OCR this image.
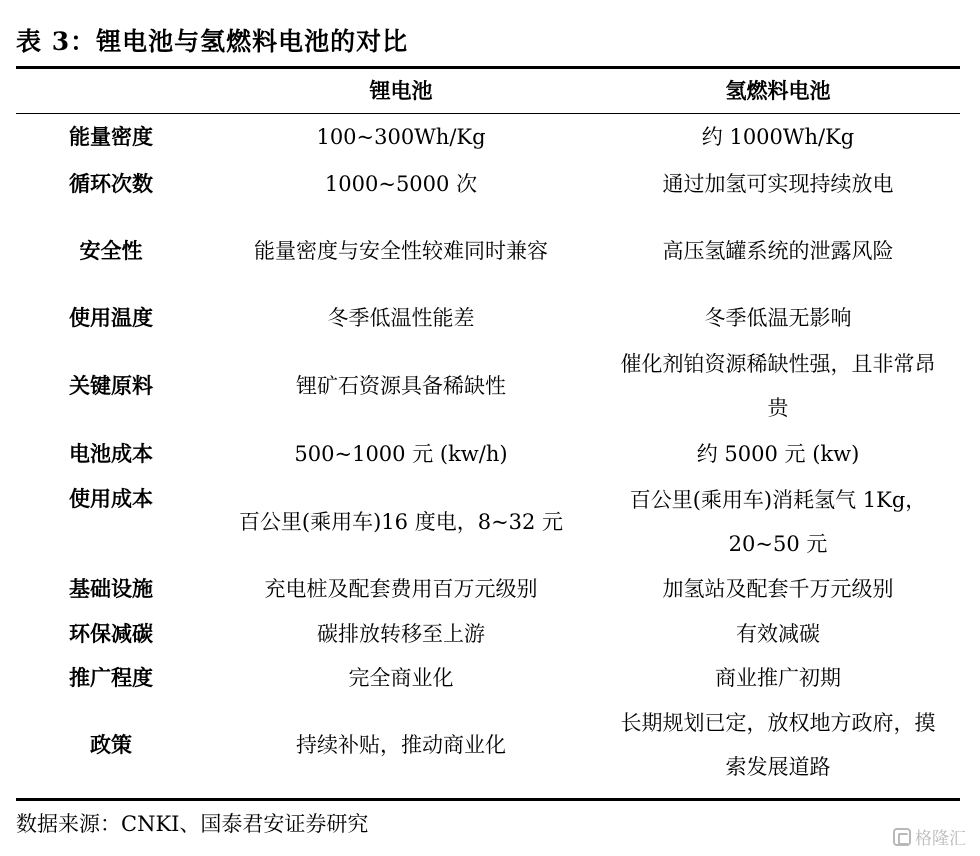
表 3：锂电池与氢燃料电池的对比
	锂电池	氢燃料电池
能量密度	100~300Wh/Kg	约 1000Wh/Kg
循环次数	1000~5000 次	通过加氢可实现持续放电
安全性	能量密度与安全性较难同时兼容	高压氢罐系统的泄露风险
使用温度	冬季低温性能差	冬季低温无影响
关键原料	锂矿石资源具备稀缺性	催化剂铂资源稀缺性强，且非常昂贵
电池成本	500~1000 元 (kw/h)	约 5000 元 (kw)
使用成本	百公里(乘用车)16 度电，8~32 元	百公里(乘用车)消耗氢气 1Kg，20~50 元
基础设施	充电桩及配套费用百万元级别	加氢站及配套千万元级别
环保减碳	碳排放转移至上游	有效减碳
推广程度	完全商业化	商业推广初期
政策	持续补贴，推动商业化	长期规划已定，放权地方政府，摸索发展道路
数据来源：CNKI、国泰君安证券研究
格隆汇
